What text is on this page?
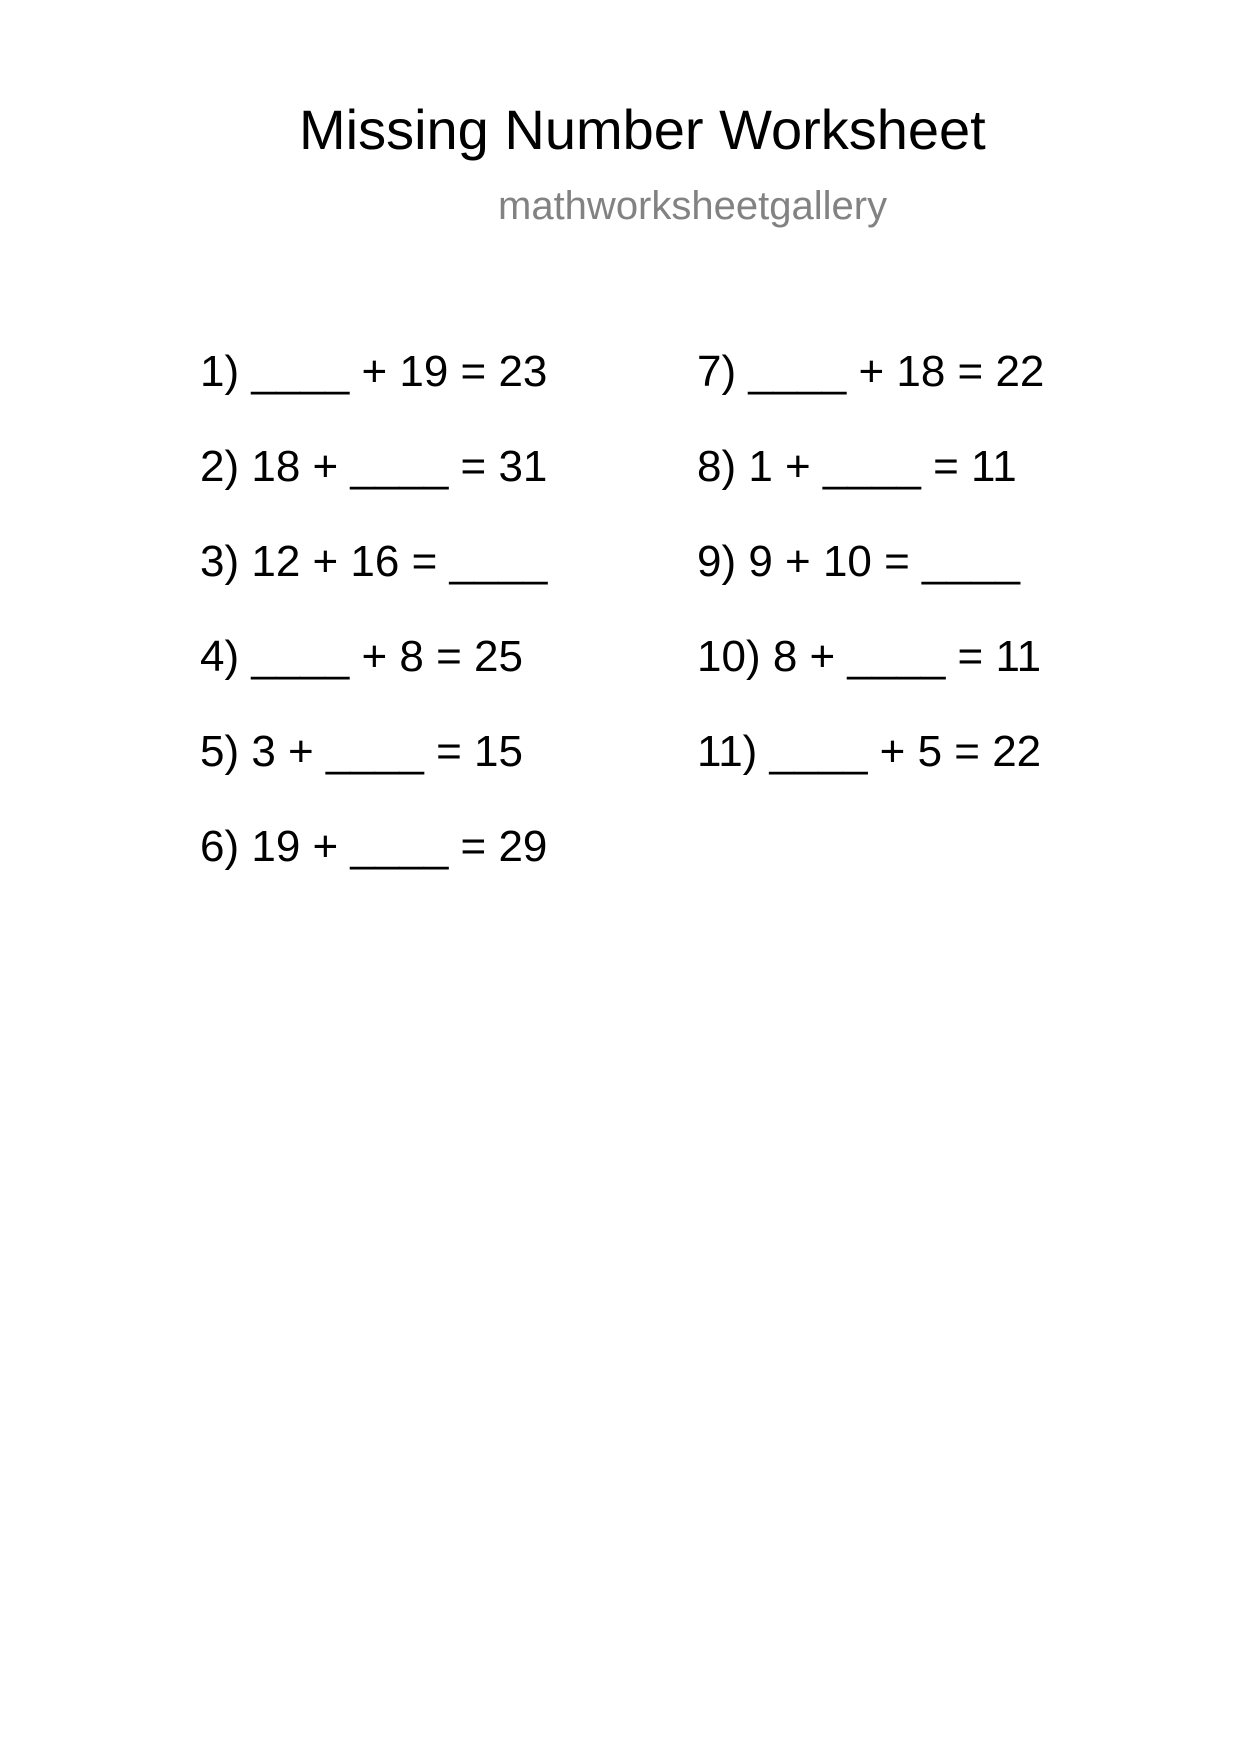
Missing Number Worksheet
mathworksheetgallery
1) ____ + 19 = 23
2) 18 + ____ = 31
3) 12 + 16 = ____
4) ____ + 8 = 25
5) 3 + ____ = 15
6) 19 + ____ = 29
7) ____ + 18 = 22
8) 1 + ____ = 11
9) 9 + 10 = ____
10) 8 + ____ = 11
11) ____ + 5 = 22
